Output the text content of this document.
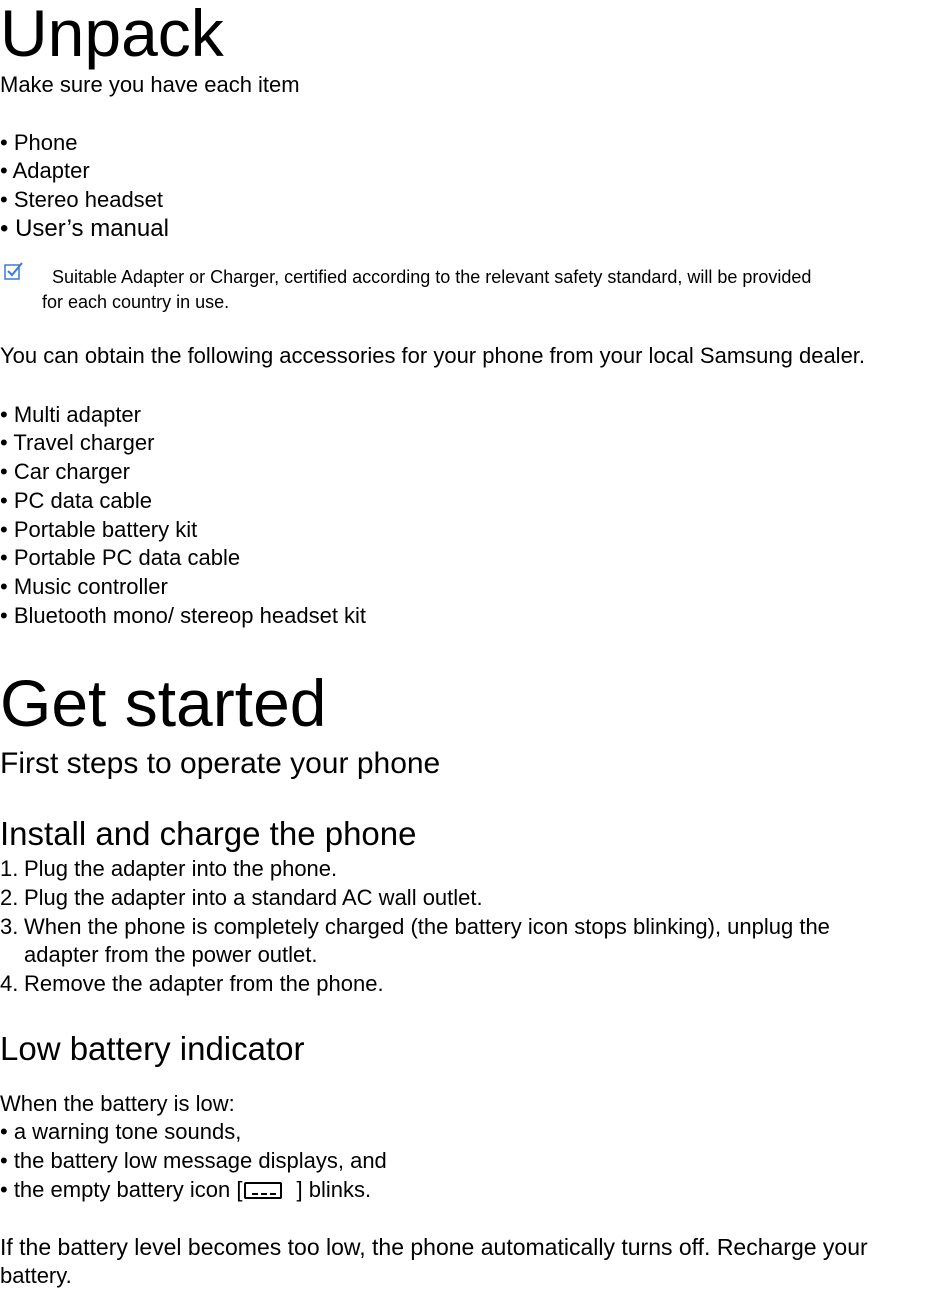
Unpack
Make sure you have each item
• Phone
• Adapter
• Stereo headset
• User’s manual
Suitable Adapter or Charger, certified according to the relevant safety standard, will be provided
for each country in use.
You can obtain the following accessories for your phone from your local Samsung dealer.
• Multi adapter
• Travel charger
• Car charger
• PC data cable
• Portable battery kit
• Portable PC data cable
• Music controller
• Bluetooth mono/ stereop headset kit
Get started
First steps to operate your phone
Install and charge the phone
1. Plug the adapter into the phone.
2. Plug the adapter into a standard AC wall outlet.
3. When the phone is completely charged (the battery icon stops blinking), unplug the
adapter from the power outlet.
4. Remove the adapter from the phone.
Low battery indicator
When the battery is low:
• a warning tone sounds,
• the battery low message displays, and
• the empty battery icon [ ] blinks.
If the battery level becomes too low, the phone automatically turns off. Recharge your
battery.
